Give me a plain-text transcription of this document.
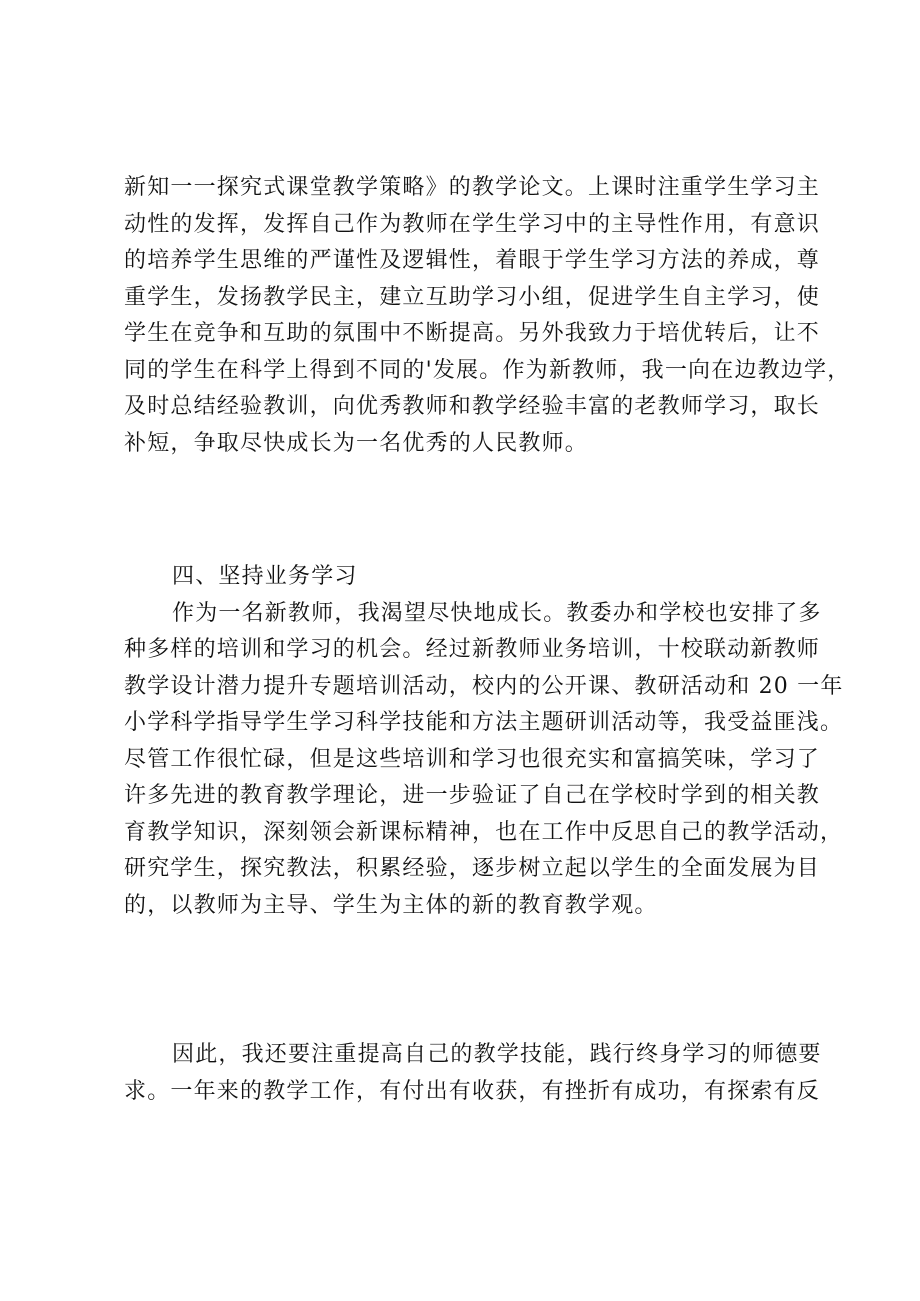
新知一一探究式课堂教学策略》的教学论文。上课时注重学生学习主
动性的发挥，发挥自己作为教师在学生学习中的主导性作用，有意识
的培养学生思维的严谨性及逻辑性，着眼于学生学习方法的养成，尊
重学生，发扬教学民主，建立互助学习小组，促进学生自主学习，使
学生在竞争和互助的氛围中不断提高。另外我致力于培优转后，让不
同的学生在科学上得到不同的'发展。作为新教师，我一向在边教边学，
及时总结经验教训，向优秀教师和教学经验丰富的老教师学习，取长
补短，争取尽快成长为一名优秀的人民教师。
四、坚持业务学习
作为一名新教师，我渴望尽快地成长。教委办和学校也安排了多
种多样的培训和学习的机会。经过新教师业务培训，十校联动新教师
教学设计潜力提升专题培训活动，校内的公开课、教研活动和 20 一年
小学科学指导学生学习科学技能和方法主题研训活动等，我受益匪浅。
尽管工作很忙碌，但是这些培训和学习也很充实和富搞笑味，学习了
许多先进的教育教学理论，进一步验证了自己在学校时学到的相关教
育教学知识，深刻领会新课标精神，也在工作中反思自己的教学活动，
研究学生，探究教法，积累经验，逐步树立起以学生的全面发展为目
的，以教师为主导、学生为主体的新的教育教学观。
因此，我还要注重提高自己的教学技能，践行终身学习的师德要
求。一年来的教学工作，有付出有收获，有挫折有成功，有探索有反
